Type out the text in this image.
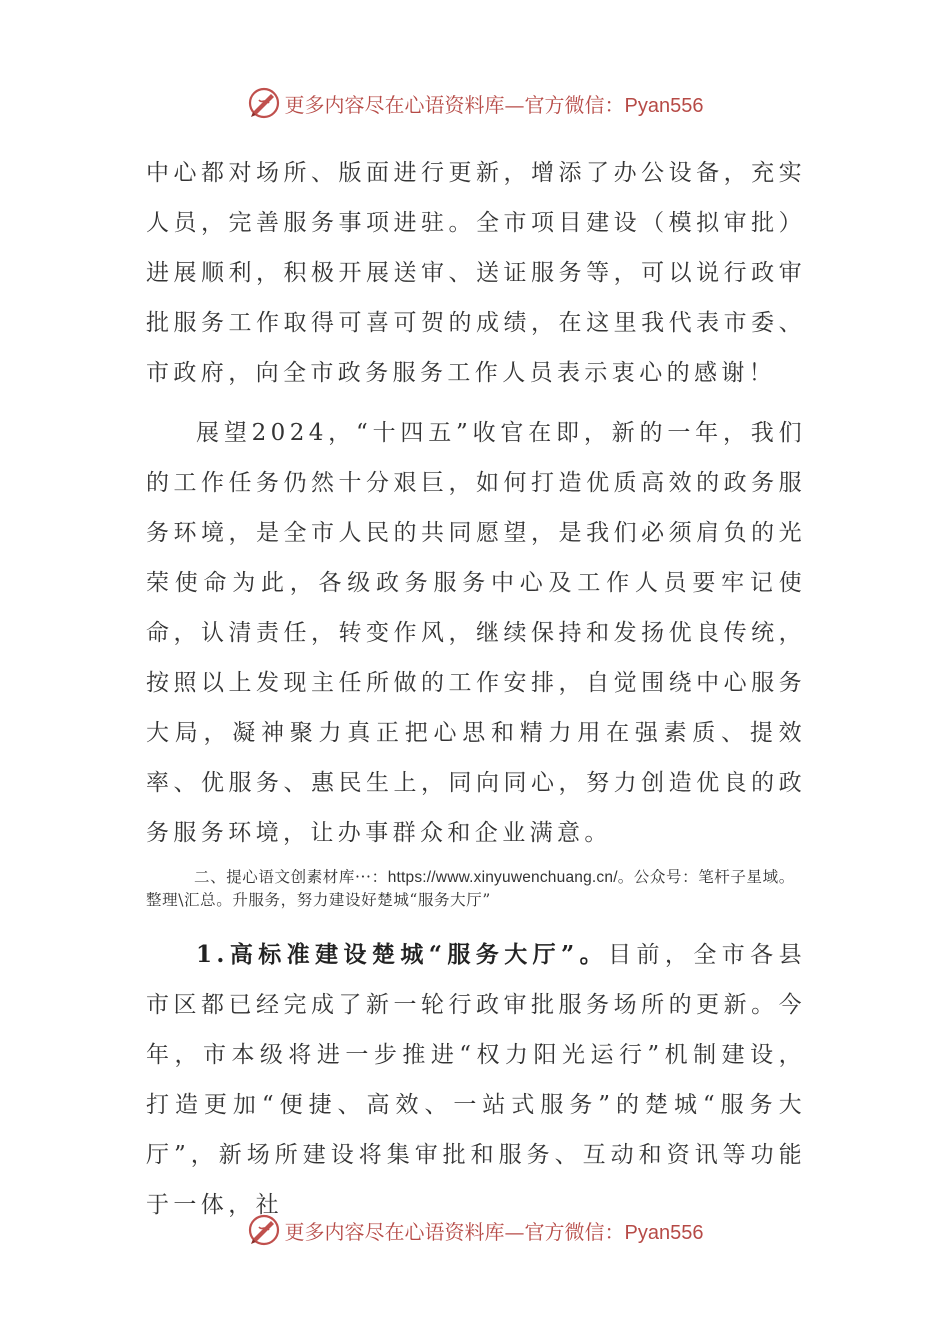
更多内容尽在心语资料库—官方微信：Pyan556

中心都对场所、版面进行更新，增添了办公设备，充实人员，完善服务事项进驻。全市项目建设（模拟审批）进展顺利，积极开展送审、送证服务等，可以说行政审批服务工作取得可喜可贺的成绩，在这里我代表市委、市政府，向全市政务服务工作人员表示衷心的感谢！

展望2024，“十四五”收官在即，新的一年，我们的工作任务仍然十分艰巨，如何打造优质高效的政务服务环境，是全市人民的共同愿望，是我们必须肩负的光荣使命为此，各级政务服务中心及工作人员要牢记使命，认清责任，转变作风，继续保持和发扬优良传统，按照以上发现主任所做的工作安排，自觉围绕中心服务大局，凝神聚力真正把心思和精力用在强素质、提效率、优服务、惠民生上，同向同心，努力创造优良的政务服务环境，让办事群众和企业满意。

二、提心语文创素材库···：https://www.xinyuwenchuang.cn/。公众号：笔杆子星域。整理\汇总。升服务，努力建设好楚城“服务大厅”

1.高标准建设楚城“服务大厅”。目前，全市各县市区都已经完成了新一轮行政审批服务场所的更新。今年，市本级将进一步推进“权力阳光运行”机制建设，打造更加“便捷、高效、一站式服务”的楚城“服务大厅”，新场所建设将集审批和服务、互动和资讯等功能于一体，社

更多内容尽在心语资料库—官方微信：Pyan556
